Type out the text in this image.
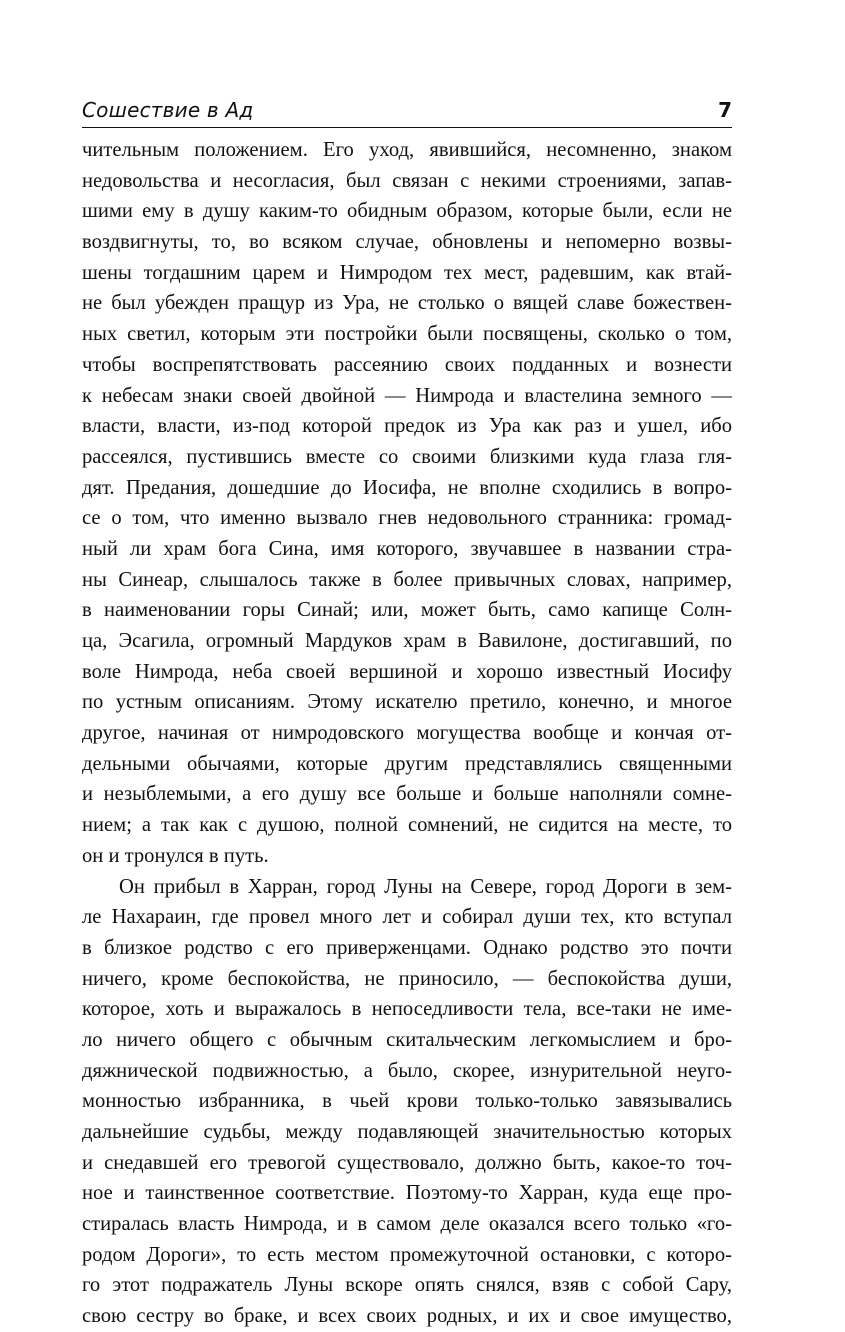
Сошествие в Ад	7
чительным положением. Его уход, явившийся, несомненно, знаком
недовольства и несогласия, был связан с некими строениями, запав-
шими ему в душу каким-то обидным образом, которые были, если не
воздвигнуты, то, во всяком случае, обновлены и непомерно возвы-
шены тогдашним царем и Нимродом тех мест, радевшим, как втай-
не был убежден пращур из Ура, не столько о вящей славе божествен-
ных светил, которым эти постройки были посвящены, сколько о том,
чтобы воспрепятствовать рассеянию своих подданных и вознести
к небесам знаки своей двойной — Нимрода и властелина земного —
власти, власти, из-под которой предок из Ура как раз и ушел, ибо
рассеялся, пустившись вместе со своими близкими куда глаза гля-
дят. Предания, дошедшие до Иосифа, не вполне сходились в вопро-
се о том, что именно вызвало гнев недовольного странника: громад-
ный ли храм бога Сина, имя которого, звучавшее в названии стра-
ны Синеар, слышалось также в более привычных словах, например,
в наименовании горы Синай; или, может быть, само капище Солн-
ца, Эсагила, огромный Мардуков храм в Вавилоне, достигавший, по
воле Нимрода, неба своей вершиной и хорошо известный Иосифу
по устным описаниям. Этому искателю претило, конечно, и многое
другое, начиная от нимродовского могущества вообще и кончая от-
дельными обычаями, которые другим представлялись священными
и незыблемыми, а его душу все больше и больше наполняли сомне-
нием; а так как с душою, полной сомнений, не сидится на месте, то
он и тронулся в путь.
Он прибыл в Харран, город Луны на Севере, город Дороги в зем-
ле Нахараин, где провел много лет и собирал души тех, кто вступал
в близкое родство с его приверженцами. Однако родство это почти
ничего, кроме беспокойства, не приносило, — беспокойства души,
которое, хоть и выражалось в непоседливости тела, все-таки не име-
ло ничего общего с обычным скитальческим легкомыслием и бро-
дяжнической подвижностью, а было, скорее, изнурительной неуго-
монностью избранника, в чьей крови только-только завязывались
дальнейшие судьбы, между подавляющей значительностью которых
и снедавшей его тревогой существовало, должно быть, какое-то точ-
ное и таинственное соответствие. Поэтому-то Харран, куда еще про-
стиралась власть Нимрода, и в самом деле оказался всего только «го-
родом Дороги», то есть местом промежуточной остановки, с которо-
го этот подражатель Луны вскоре опять снялся, взяв с собой Сару,
свою сестру во браке, и всех своих родных, и их и свое имущество,
